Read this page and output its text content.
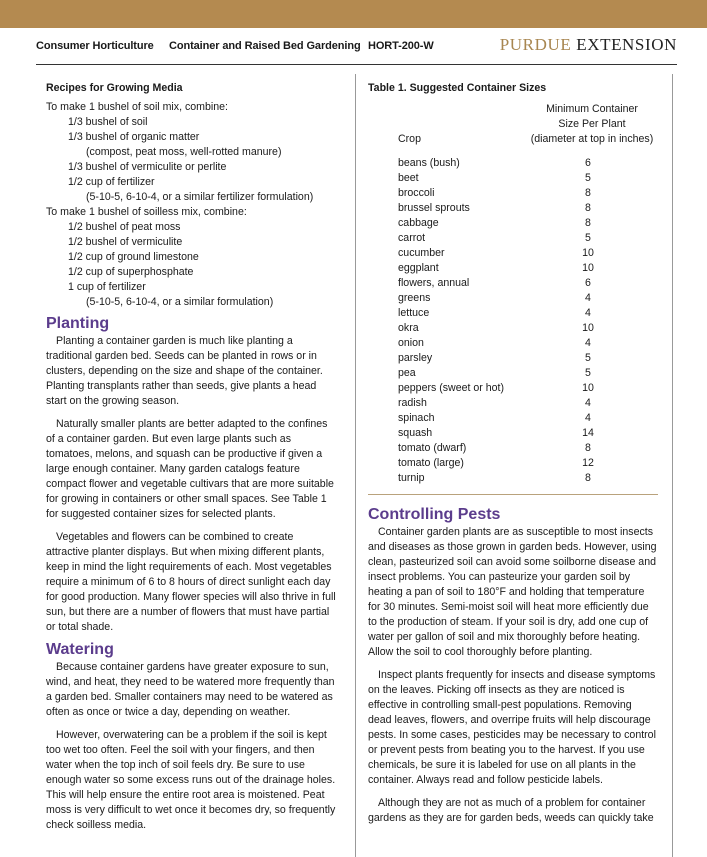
Consumer Horticulture Container and Raised Bed Gardening HORT-200-W	PURDUE EXTENSION
Recipes for Growing Media
To make 1 bushel of soil mix, combine:
1/3 bushel of soil
1/3 bushel of organic matter
(compost, peat moss, well-rotted manure)
1/3 bushel of vermiculite or perlite
1/2 cup of fertilizer
(5-10-5, 6-10-4, or a similar fertilizer formulation)
To make 1 bushel of soilless mix, combine:
1/2 bushel of peat moss
1/2 bushel of vermiculite
1/2 cup of ground limestone
1/2 cup of superphosphate
1 cup of fertilizer
(5-10-5, 6-10-4, or a similar formulation)
Planting

Planting a container garden is much like planting a traditional garden bed. Seeds can be planted in rows or in clusters, depending on the size and shape of the container. Planting transplants rather than seeds, give plants a head start on the growing season.

Naturally smaller plants are better adapted to the confines of a container garden. But even large plants such as tomatoes, melons, and squash can be productive if given a large enough container. Many garden catalogs feature compact flower and vegetable cultivars that are more suitable for growing in containers or other small spaces. See Table 1 for suggested container sizes for selected plants.

Vegetables and flowers can be combined to create attractive planter displays. But when mixing different plants, keep in mind the light requirements of each. Most vegetables require a minimum of 6 to 8 hours of direct sunlight each day for good production. Many flower species will also thrive in full sun, but there are a number of flowers that must have partial or total shade.

Watering

Because container gardens have greater exposure to sun, wind, and heat, they need to be watered more frequently than a garden bed. Smaller containers may need to be watered as often as once or twice a day, depending on weather.

However, overwatering can be a problem if the soil is kept too wet too often. Feel the soil with your fingers, and then water when the top inch of soil feels dry. Be sure to use enough water so some excess runs out of the drainage holes. This will help ensure the entire root area is moistened. Peat moss is very difficult to wet once it becomes dry, so frequently check soilless media.

Table 1. Suggested Container Sizes
Crop
Minimum Container
Size Per Plant
(diameter at top in inches)
beans (bush)	6
beet	5
broccoli	8
brussel sprouts	8
cabbage	8
carrot	5
cucumber	10
eggplant	10
flowers, annual	6
greens	4
lettuce	4
okra	10
onion	4
parsley	5
pea	5
peppers (sweet or hot)	10
radish	4
spinach	4
squash	14
tomato (dwarf)	8
tomato (large)	12
turnip	8
Controlling Pests

Container garden plants are as susceptible to most insects and diseases as those grown in garden beds. However, using clean, pasteurized soil can avoid some soilborne disease and insect problems. You can pasteurize your garden soil by heating a pan of soil to 180°F and holding that temperature for 30 minutes. Semi-moist soil will heat more efficiently due to the production of steam. If your soil is dry, add one cup of water per gallon of soil and mix thoroughly before heating. Allow the soil to cool thoroughly before planting.

Inspect plants frequently for insects and disease symptoms on the leaves. Picking off insects as they are noticed is effective in controlling small-pest populations. Removing dead leaves, flowers, and overripe fruits will help discourage pests. In some cases, pesticides may be necessary to control or prevent pests from beating you to the harvest. If you use chemicals, be sure it is labeled for use on all plants in the container. Always read and follow pesticide labels.

Although they are not as much of a problem for container gardens as they are for garden beds, weeds can quickly take
